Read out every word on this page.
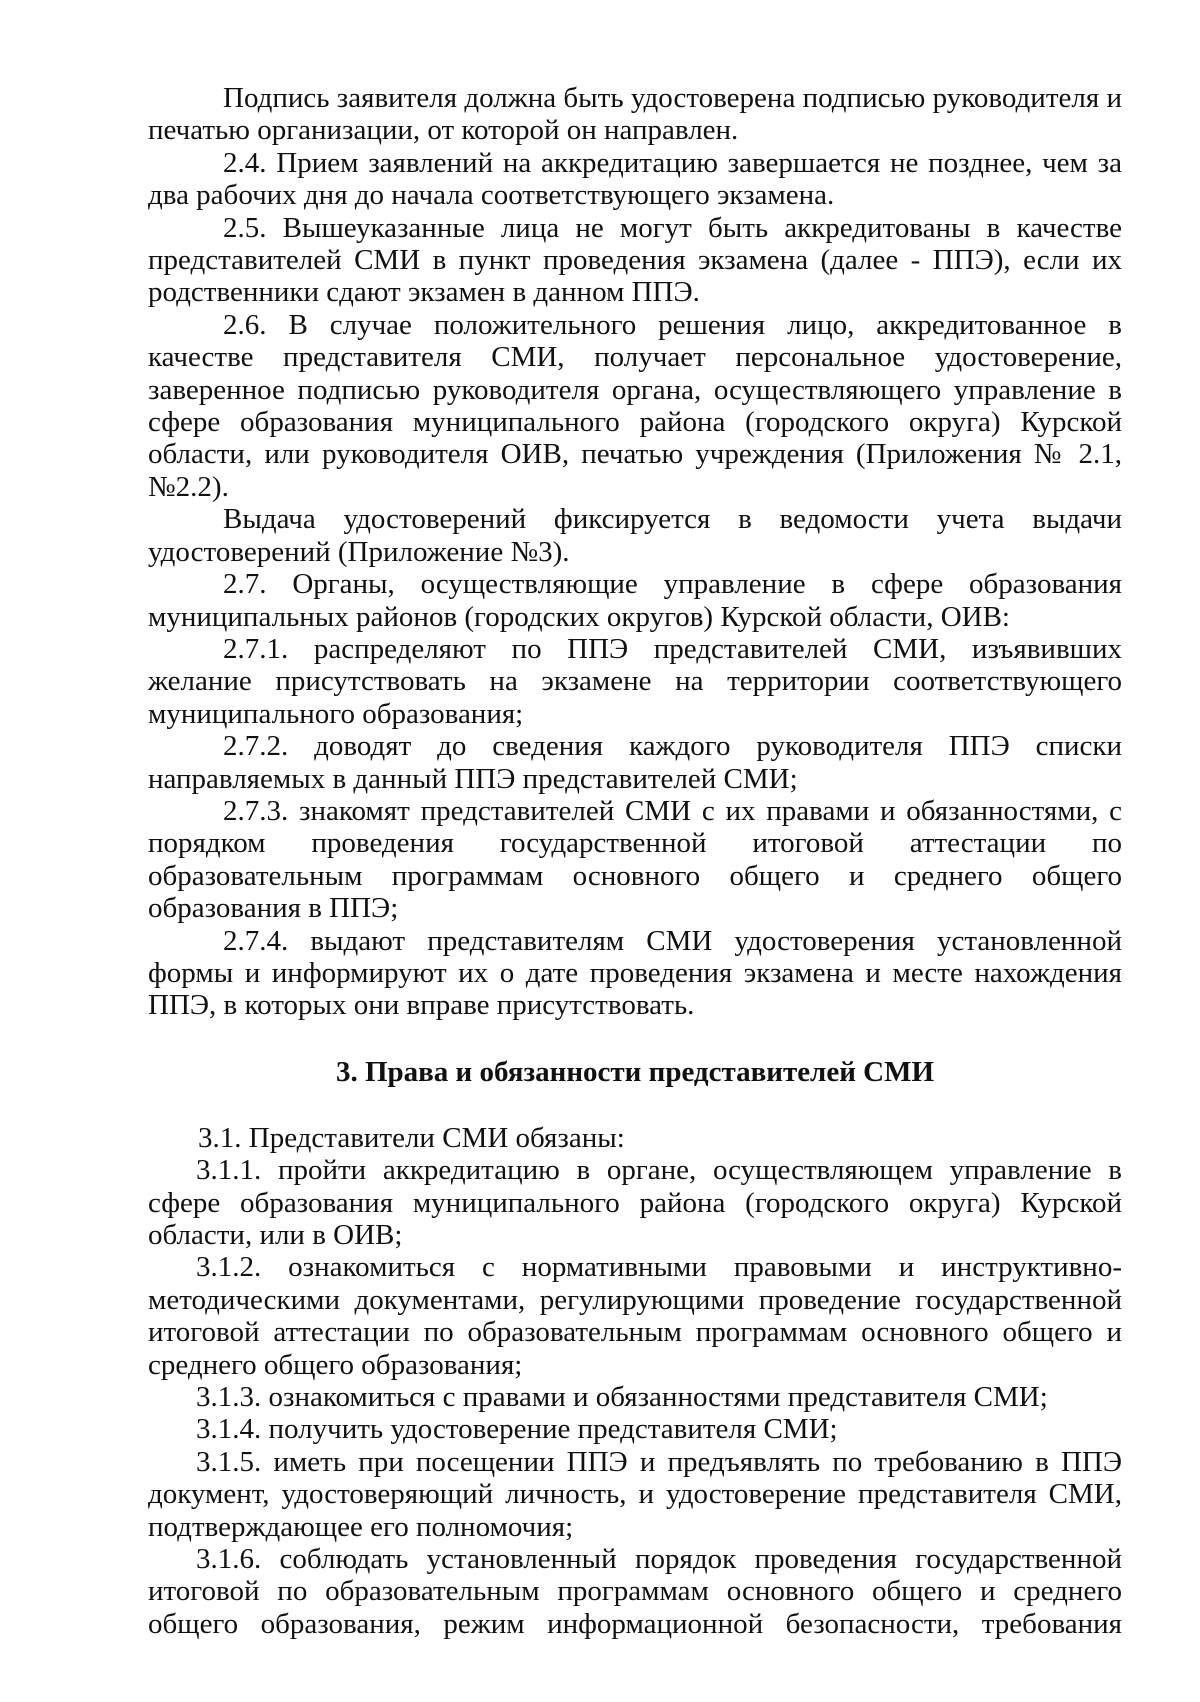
Подпись заявителя должна быть удостоверена подписью руководителя и печатью организации, от которой он направлен.

2.4. Прием заявлений на аккредитацию завершается не позднее, чем за два рабочих дня до начала соответствующего экзамена.

2.5. Вышеуказанные лица не могут быть аккредитованы в качестве представителей СМИ в пункт проведения экзамена (далее - ППЭ), если их родственники сдают экзамен в данном ППЭ.

2.6. В случае положительного решения лицо, аккредитованное в качестве представителя СМИ, получает персональное удостоверение, заверенное подписью руководителя органа, осуществляющего управление в сфере образования муниципального района (городского округа) Курской области, или руководителя ОИВ, печатью учреждения (Приложения № 2.1, №2.2).

Выдача удостоверений фиксируется в ведомости учета выдачи удостоверений (Приложение №3).

2.7. Органы, осуществляющие управление в сфере образования муниципальных районов (городских округов) Курской области, ОИВ:

2.7.1. распределяют по ППЭ представителей СМИ, изъявивших желание присутствовать на экзамене на территории соответствующего муниципального образования;

2.7.2. доводят до сведения каждого руководителя ППЭ списки направляемых в данный ППЭ представителей СМИ;

2.7.3. знакомят представителей СМИ с их правами и обязанностями, с порядком проведения государственной итоговой аттестации по образовательным программам основного общего и среднего общего образования в ППЭ;

2.7.4. выдают представителям СМИ удостоверения установленной формы и информируют их о дате проведения экзамена и месте нахождения ППЭ, в которых они вправе присутствовать.

3. Права и обязанности представителей СМИ

3.1. Представители СМИ обязаны:

3.1.1. пройти аккредитацию в органе, осуществляющем управление в сфере образования муниципального района (городского округа) Курской области, или в ОИВ;

3.1.2. ознакомиться с нормативными правовыми и инструктивно-методическими документами, регулирующими проведение государственной итоговой аттестации по образовательным программам основного общего и среднего общего образования;

3.1.3. ознакомиться с правами и обязанностями представителя СМИ;

3.1.4. получить удостоверение представителя СМИ;

3.1.5. иметь при посещении ППЭ и предъявлять по требованию в ППЭ документ, удостоверяющий личность, и удостоверение представителя СМИ, подтверждающее его полномочия;

3.1.6. соблюдать установленный порядок проведения государственной итоговой по образовательным программам основного общего и среднего общего образования, режим информационной безопасности, требования
